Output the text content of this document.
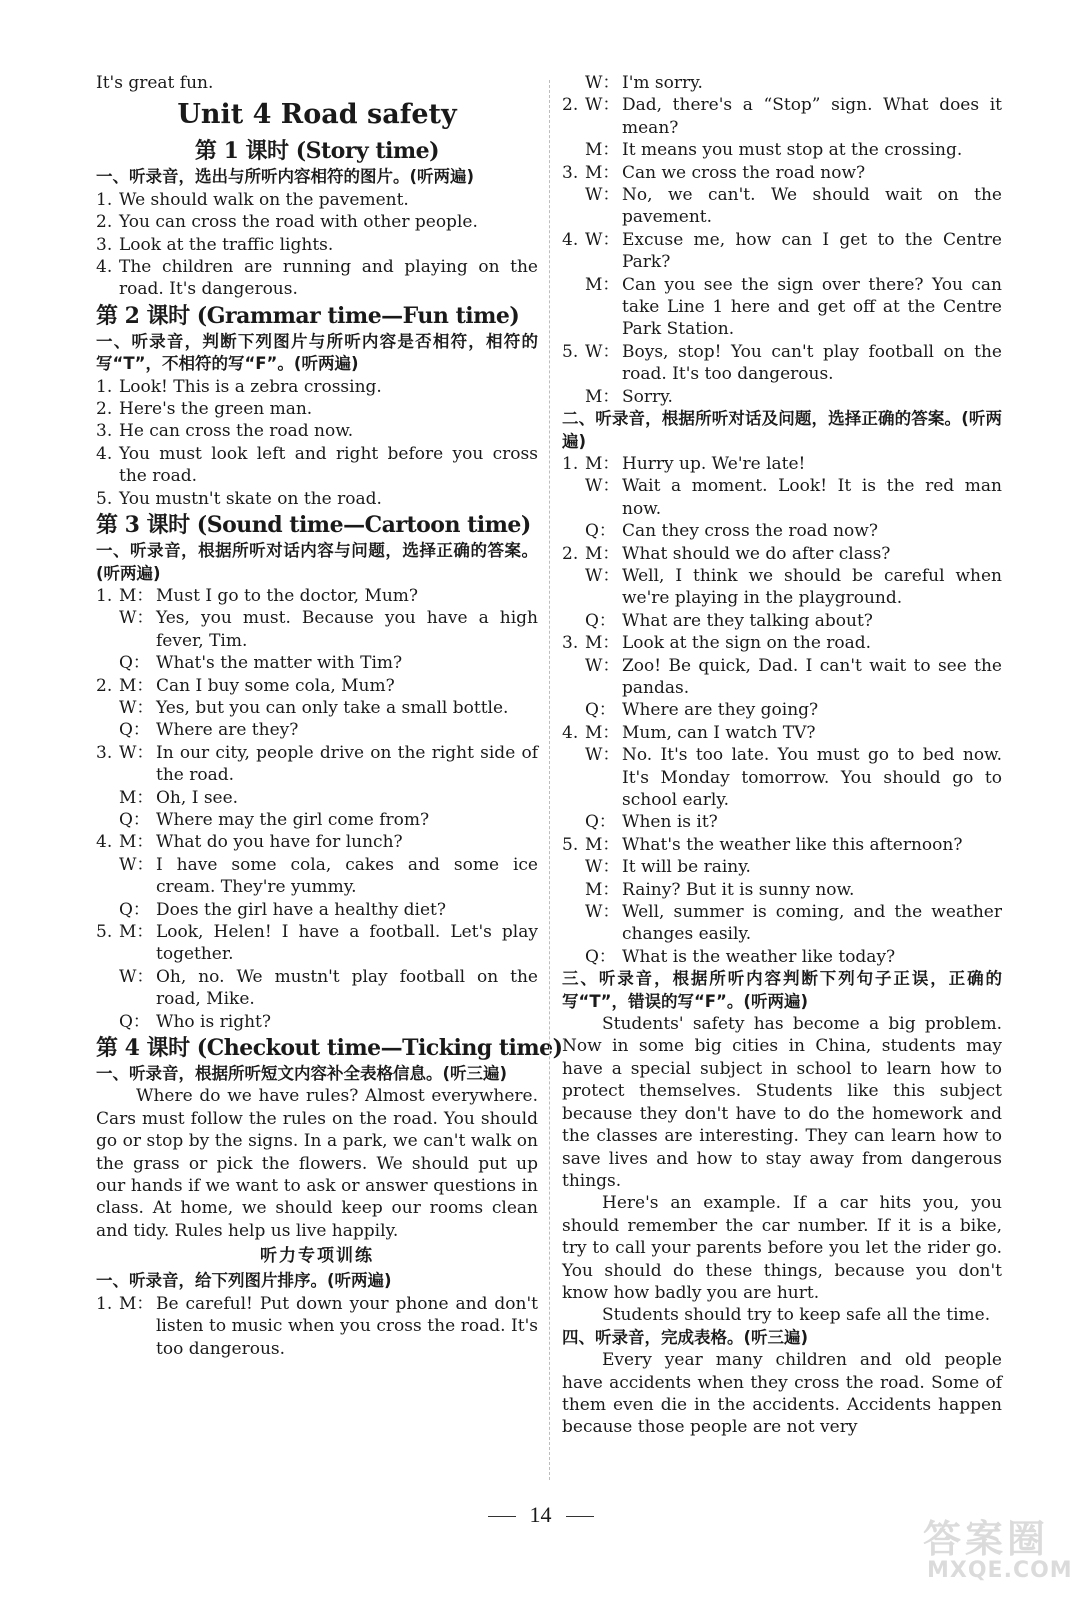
It's great fun.
Unit 4 Road safety
第 1 课时 (Story time)
一、听录音，选出与所听内容相符的图片。(听两遍)
1. We should walk on the pavement.
2. You can cross the road with other people.
3. Look at the traffic lights.
4. The children are running and playing on the road. It's dangerous.
第 2 课时 (Grammar time—Fun time)
一、听录音，判断下列图片与所听内容是否相符，相符的写“T”，不相符的写“F”。(听两遍)
1. Look! This is a zebra crossing.
2. Here's the green man.
3. He can cross the road now.
4. You must look left and right before you cross the road.
5. You mustn't skate on the road.
第 3 课时 (Sound time—Cartoon time)
一、听录音，根据所听对话内容与问题，选择正确的答案。(听两遍)
1. M： Must I go to the doctor, Mum?
W： Yes, you must. Because you have a high fever, Tim.
Q： What's the matter with Tim?
2. M： Can I buy some cola, Mum?
W： Yes, but you can only take a small bottle.
Q： Where are they?
3. W： In our city, people drive on the right side of the road.
M： Oh, I see.
Q： Where may the girl come from?
4. M： What do you have for lunch?
W： I have some cola, cakes and some ice cream. They're yummy.
Q： Does the girl have a healthy diet?
5. M： Look, Helen! I have a football. Let's play together.
W： Oh, no. We mustn't play football on the road, Mike.
Q： Who is right?
第 4 课时 (Checkout time—Ticking time)
一、听录音，根据所听短文内容补全表格信息。(听三遍)

Where do we have rules? Almost everywhere. Cars must follow the rules on the road. You should go or stop by the signs. In a park, we can't walk on the grass or pick the flowers. We should put up our hands if we want to ask or answer questions in class. At home, we should keep our rooms clean and tidy. Rules help us live happily.

听力专项训练
一、听录音，给下列图片排序。(听两遍)
1. M： Be careful! Put down your phone and don't listen to music when you cross the road. It's too dangerous.
W： I'm sorry.
2. W： Dad, there's a “Stop” sign. What does it mean?
M： It means you must stop at the crossing.
3. M： Can we cross the road now?
W： No, we can't. We should wait on the pavement.
4. W： Excuse me, how can I get to the Centre Park?
M： Can you see the sign over there? You can take Line 1 here and get off at the Centre Park Station.
5. W： Boys, stop! You can't play football on the road. It's too dangerous.
M： Sorry.
二、听录音，根据所听对话及问题，选择正确的答案。(听两遍)
1. M： Hurry up. We're late!
W： Wait a moment. Look! It is the red man now.
Q： Can they cross the road now?
2. M： What should we do after class?
W： Well, I think we should be careful when we're playing in the playground.
Q： What are they talking about?
3. M： Look at the sign on the road.
W： Zoo! Be quick, Dad. I can't wait to see the pandas.
Q： Where are they going?
4. M： Mum, can I watch TV?
W： No. It's too late. You must go to bed now. It's Monday tomorrow. You should go to school early.
Q： When is it?
5. M： What's the weather like this afternoon?
W： It will be rainy.
M： Rainy? But it is sunny now.
W： Well, summer is coming, and the weather changes easily.
Q： What is the weather like today?
三、听录音，根据所听内容判断下列句子正误，正确的写“T”，错误的写“F”。(听两遍)

Students' safety has become a big problem. Now in some big cities in China, students may have a special subject in school to learn how to protect themselves. Students like this subject because they don't have to do the homework and the classes are interesting. They can learn how to save lives and how to stay away from dangerous things.

Here's an example. If a car hits you, you should remember the car number. If it is a bike, try to call your parents before you let the rider go. You should do these things, because you don't know how badly you are hurt.

Students should try to keep safe all the time.

四、听录音，完成表格。(听三遍)

Every year many children and old people have accidents when they cross the road. Some of them even die in the accidents. Accidents happen because those people are not very

14
答案圈
MXQE.COM
